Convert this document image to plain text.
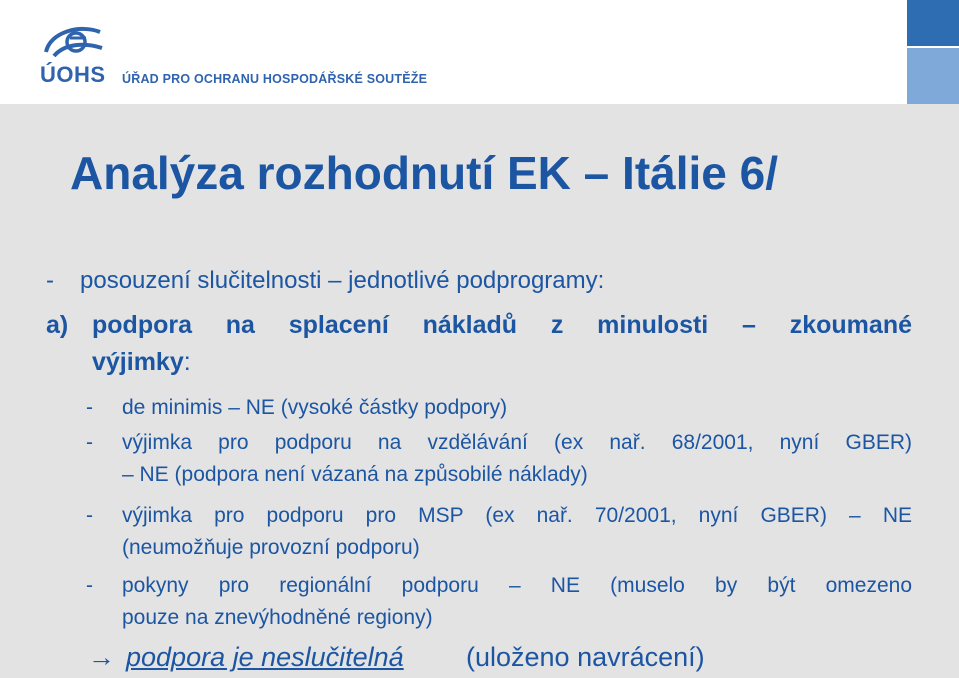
ÚOHS ÚŘAD PRO OCHRANU HOSPODÁŘSKÉ SOUTĚŽE
Analýza rozhodnutí EK – Itálie 6/
- posouzení slučitelnosti – jednotlivé podprogramy:
a) podpora na splacení nákladů z minulosti – zkoumané
výjimky:
- de minimis – NE (vysoké částky podpory)
- výjimka pro podporu na vzdělávání (ex nař. 68/2001, nyní GBER)
– NE (podpora není vázaná na způsobilé náklady)
- výjimka pro podporu pro MSP (ex nař. 70/2001, nyní GBER) – NE
(neumožňuje provozní podporu)
- pokyny pro regionální podporu – NE (muselo by být omezeno
pouze na znevýhodněné regiony)
→ podpora je neslučitelná (uloženo navrácení)
